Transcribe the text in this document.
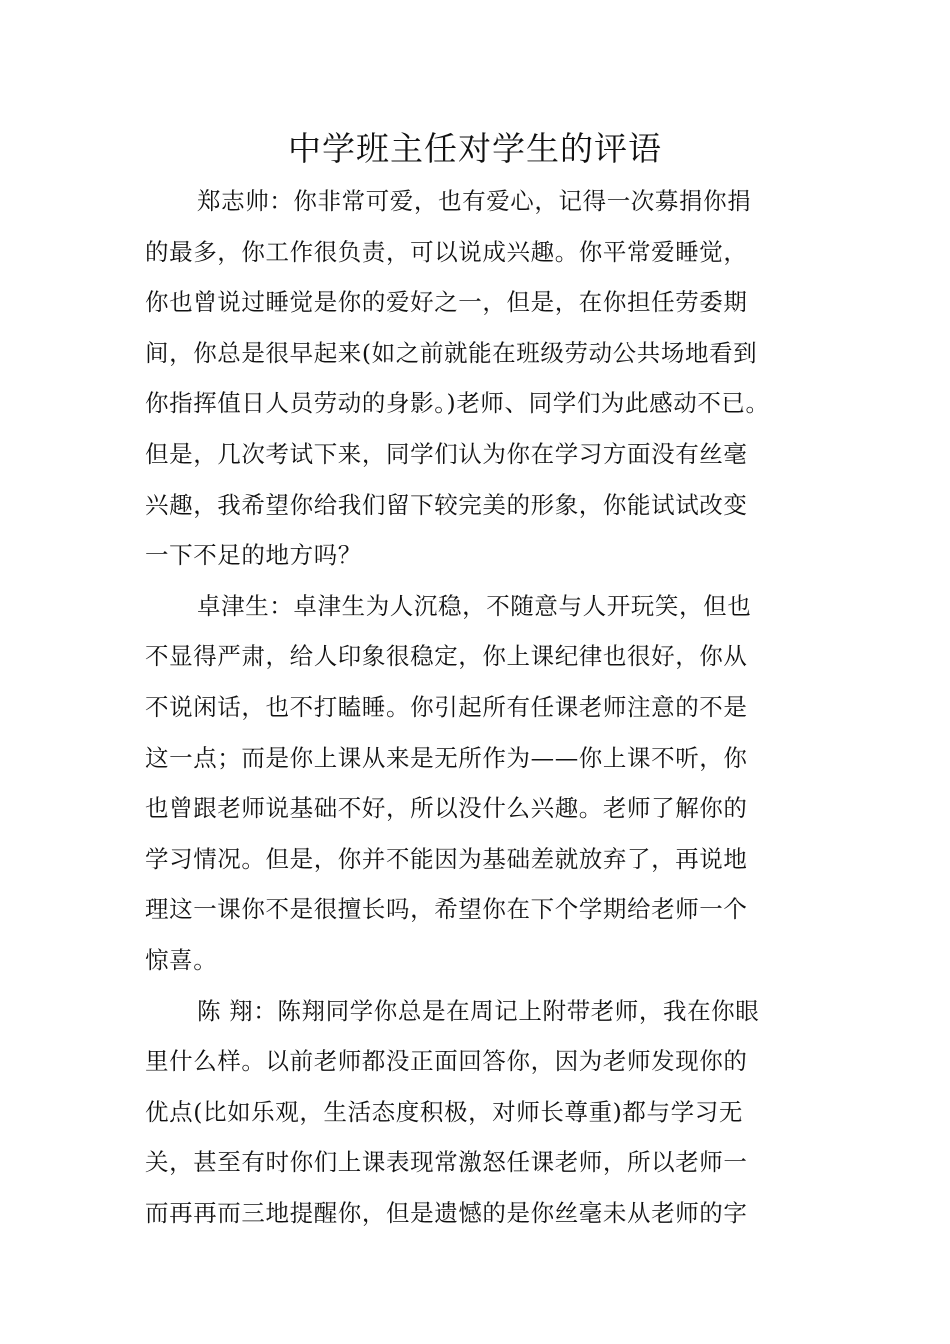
中学班主任对学生的评语
郑志帅：你非常可爱，也有爱心，记得一次募捐你捐
的最多，你工作很负责，可以说成兴趣。你平常爱睡觉，
你也曾说过睡觉是你的爱好之一，但是，在你担任劳委期
间，你总是很早起来(如之前就能在班级劳动公共场地看到
你指挥值日人员劳动的身影。)老师、同学们为此感动不已。
但是，几次考试下来，同学们认为你在学习方面没有丝毫
兴趣，我希望你给我们留下较完美的形象，你能试试改变
一下不足的地方吗？
卓津生：卓津生为人沉稳，不随意与人开玩笑，但也
不显得严肃，给人印象很稳定，你上课纪律也很好，你从
不说闲话，也不打瞌睡。你引起所有任课老师注意的不是
这一点；而是你上课从来是无所作为——你上课不听，你
也曾跟老师说基础不好，所以没什么兴趣。老师了解你的
学习情况。但是，你并不能因为基础差就放弃了，再说地
理这一课你不是很擅长吗，希望你在下个学期给老师一个
惊喜。
陈 翔：陈翔同学你总是在周记上附带老师，我在你眼
里什么样。以前老师都没正面回答你，因为老师发现你的
优点(比如乐观，生活态度积极，对师长尊重)都与学习无
关，甚至有时你们上课表现常激怒任课老师，所以老师一
而再再而三地提醒你，但是遗憾的是你丝毫未从老师的字
